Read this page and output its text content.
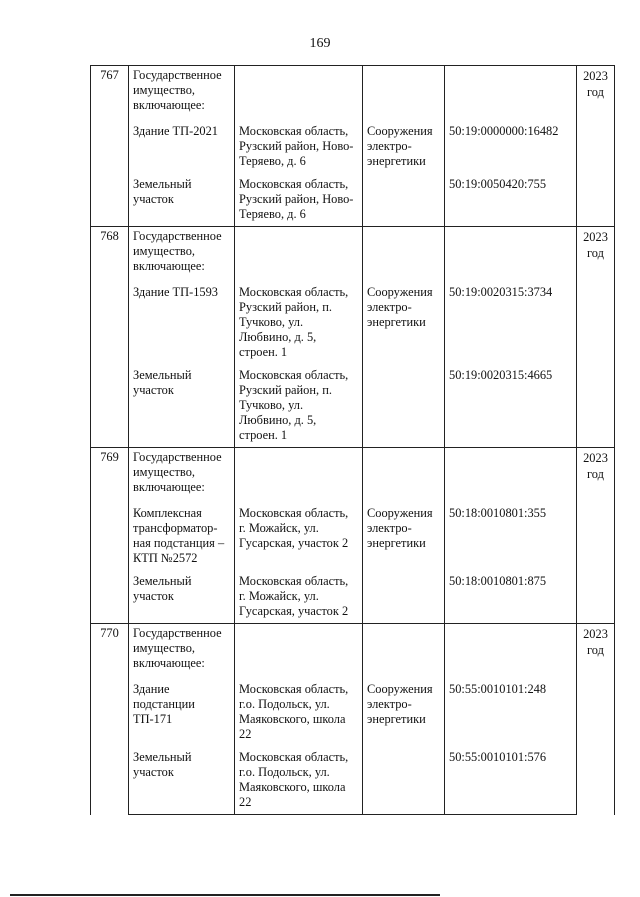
169
767	Государственное имущество, включающее:				2023 год
	Здание ТП-2021	Московская область, Рузский район, Ново-Теряево, д. 6	Сооружения электро-энергетики	50:19:0000000:16482	
	Земельный участок	Московская область, Рузский район, Ново-Теряево, д. 6		50:19:0050420:755	

768	Государственное имущество, включающее:				2023 год
	Здание ТП-1593	Московская область, Рузский район, п. Тучково, ул. Любвино, д. 5, строен. 1	Сооружения электро-энергетики	50:19:0020315:3734	
	Земельный участок	Московская область, Рузский район, п. Тучково, ул. Любвино, д. 5, строен. 1		50:19:0020315:4665	

769	Государственное имущество, включающее:				2023 год
	Комплексная трансформатор-ная подстанция – КТП №2572	Московская область, г. Можайск, ул. Гусарская, участок 2	Сооружения электро-энергетики	50:18:0010801:355	
	Земельный участок	Московская область, г. Можайск, ул. Гусарская, участок 2		50:18:0010801:875	

770	Государственное имущество, включающее:				2023 год
	Здание подстанции ТП-171	Московская область, г.о. Подольск, ул. Маяковского, школа 22	Сооружения электро-энергетики	50:55:0010101:248	
	Земельный участок	Московская область, г.о. Подольск, ул. Маяковского, школа 22		50:55:0010101:576	
